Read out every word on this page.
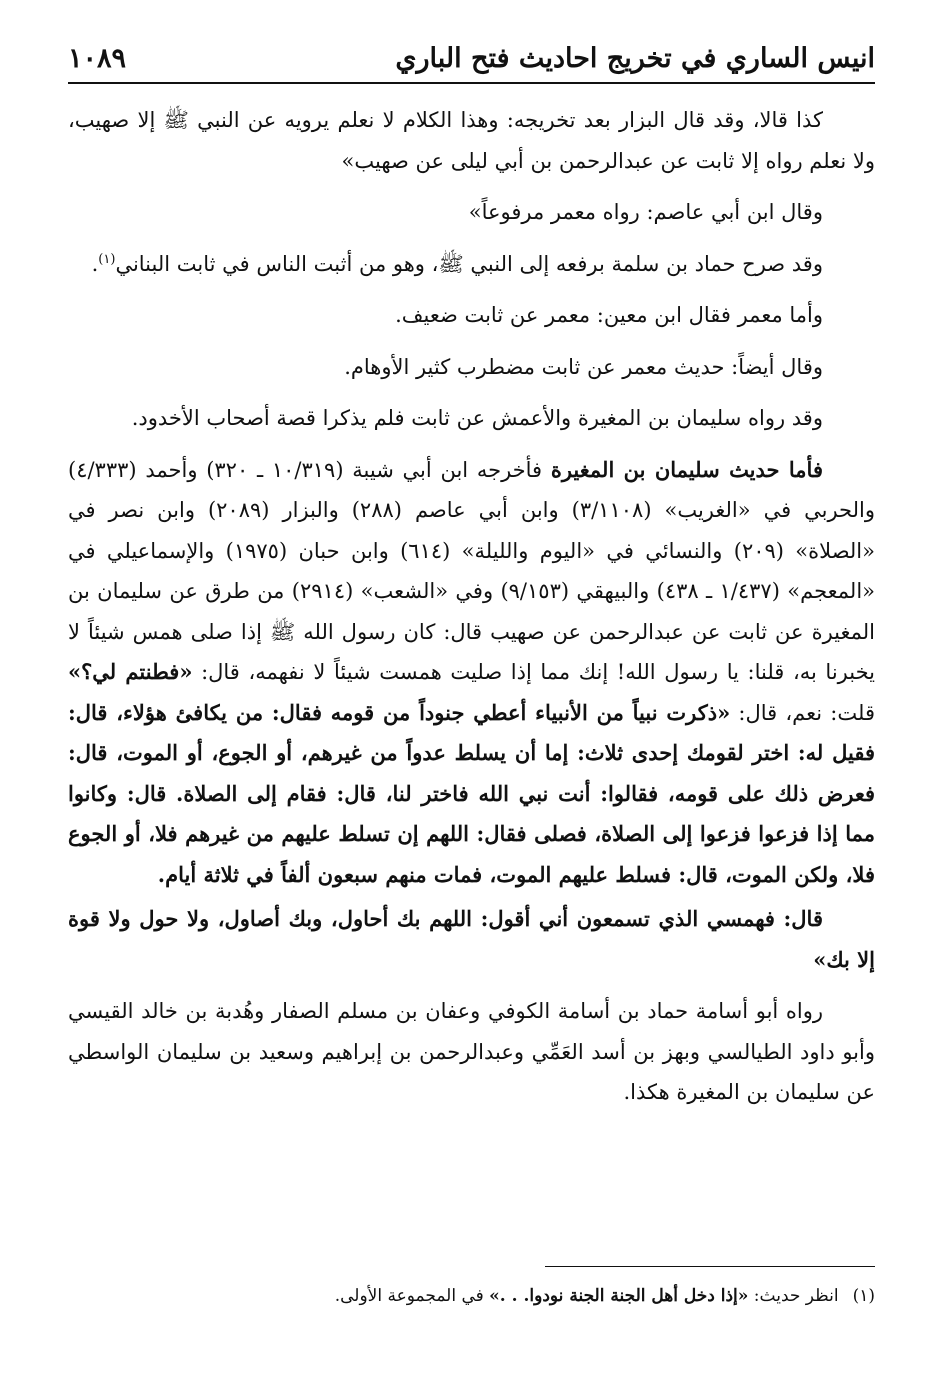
انيس الساري في تخريج احاديث فتح الباري
١٠٨٩

كذا قالا، وقد قال البزار بعد تخريجه: وهذا الكلام لا نعلم يرويه عن النبي ﷺ إلا صهيب، ولا نعلم رواه إلا ثابت عن عبدالرحمن بن أبي ليلى عن صهيب»

وقال ابن أبي عاصم: رواه معمر مرفوعاً»

وقد صرح حماد بن سلمة برفعه إلى النبي ﷺ، وهو من أثبت الناس في ثابت البناني$^{(١)}$.

وأما معمر فقال ابن معين: معمر عن ثابت ضعيف.

وقال أيضاً: حديث معمر عن ثابت مضطرب كثير الأوهام.

وقد رواه سليمان بن المغيرة والأعمش عن ثابت فلم يذكرا قصة أصحاب الأخدود.

فأما حديث سليمان بن المغيرة فأخرجه ابن أبي شيبة (١٠/٣١٩ ـ ٣٢٠) وأحمد (٤/٣٣٣) والحربي في «الغريب» (٣/١١٠٨) وابن أبي عاصم (٢٨٨) والبزار (٢٠٨٩) وابن نصر في «الصلاة» (٢٠٩) والنسائي في «اليوم والليلة» (٦١٤) وابن حبان (١٩٧٥) والإسماعيلي في «المعجم» (١/٤٣٧ ـ ٤٣٨) والبيهقي (٩/١٥٣) وفي «الشعب» (٢٩١٤) من طرق عن سليمان بن المغيرة عن ثابت عن عبدالرحمن عن صهيب قال: كان رسول الله ﷺ إذا صلى همس شيئاً لا يخبرنا به، قلنا: يا رسول الله! إنك مما إذا صليت همست شيئاً لا نفهمه، قال: «فطنتم لي؟» قلت: نعم، قال: «ذكرت نبياً من الأنبياء أعطي جنوداً من قومه فقال: من يكافئ هؤلاء، قال: فقيل له: اختر لقومك إحدى ثلاث: إما أن يسلط عدواً من غيرهم، أو الجوع، أو الموت، قال: فعرض ذلك على قومه، فقالوا: أنت نبي الله فاختر لنا، قال: فقام إلى الصلاة. قال: وكانوا مما إذا فزعوا فزعوا إلى الصلاة، فصلى فقال: اللهم إن تسلط عليهم من غيرهم فلا، أو الجوع فلا، ولكن الموت، قال: فسلط عليهم الموت، فمات منهم سبعون ألفاً في ثلاثة أيام.

قال: فهمسي الذي تسمعون أني أقول: اللهم بك أحاول، وبك أصاول، ولا حول ولا قوة إلا بك»

رواه أبو أسامة حماد بن أسامة الكوفي وعفان بن مسلم الصفار وهُدبة بن خالد القيسي وأبو داود الطيالسي وبهز بن أسد العَمِّي وعبدالرحمن بن إبراهيم وسعيد بن سليمان الواسطي عن سليمان بن المغيرة هكذا.

(١)انظر حديث: «إذا دخل أهل الجنة الجنة نودوا. . .» في المجموعة الأولى.
